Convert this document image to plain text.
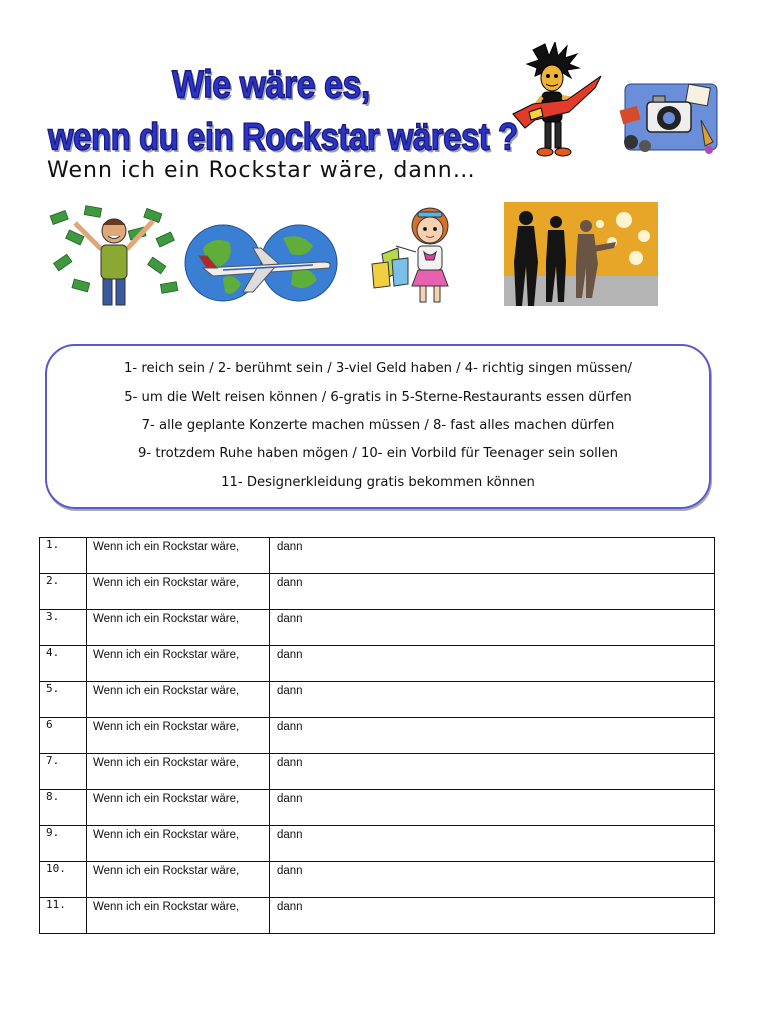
Wie wäre es,
wenn du ein Rockstar wärest ?
Wenn ich ein Rockstar wäre, dann…
1- reich sein / 2- berühmt sein / 3-viel Geld haben / 4- richtig singen müssen/
5- um die Welt reisen können / 6-gratis in 5-Sterne-Restaurants essen dürfen
7- alle geplante Konzerte machen müssen / 8- fast alles machen dürfen
9- trotzdem Ruhe haben mögen / 10- ein Vorbild für Teenager sein sollen
11- Designerkleidung gratis bekommen können
1.	Wenn ich ein Rockstar wäre,	dann
2.	Wenn ich ein Rockstar wäre,	dann
3.	Wenn ich ein Rockstar wäre,	dann
4.	Wenn ich ein Rockstar wäre,	dann
5.	Wenn ich ein Rockstar wäre,	dann
6	Wenn ich ein Rockstar wäre,	dann
7.	Wenn ich ein Rockstar wäre,	dann
8.	Wenn ich ein Rockstar wäre,	dann
9.	Wenn ich ein Rockstar wäre,	dann
10.	Wenn ich ein Rockstar wäre,	dann
11.	Wenn ich ein Rockstar wäre,	dann
